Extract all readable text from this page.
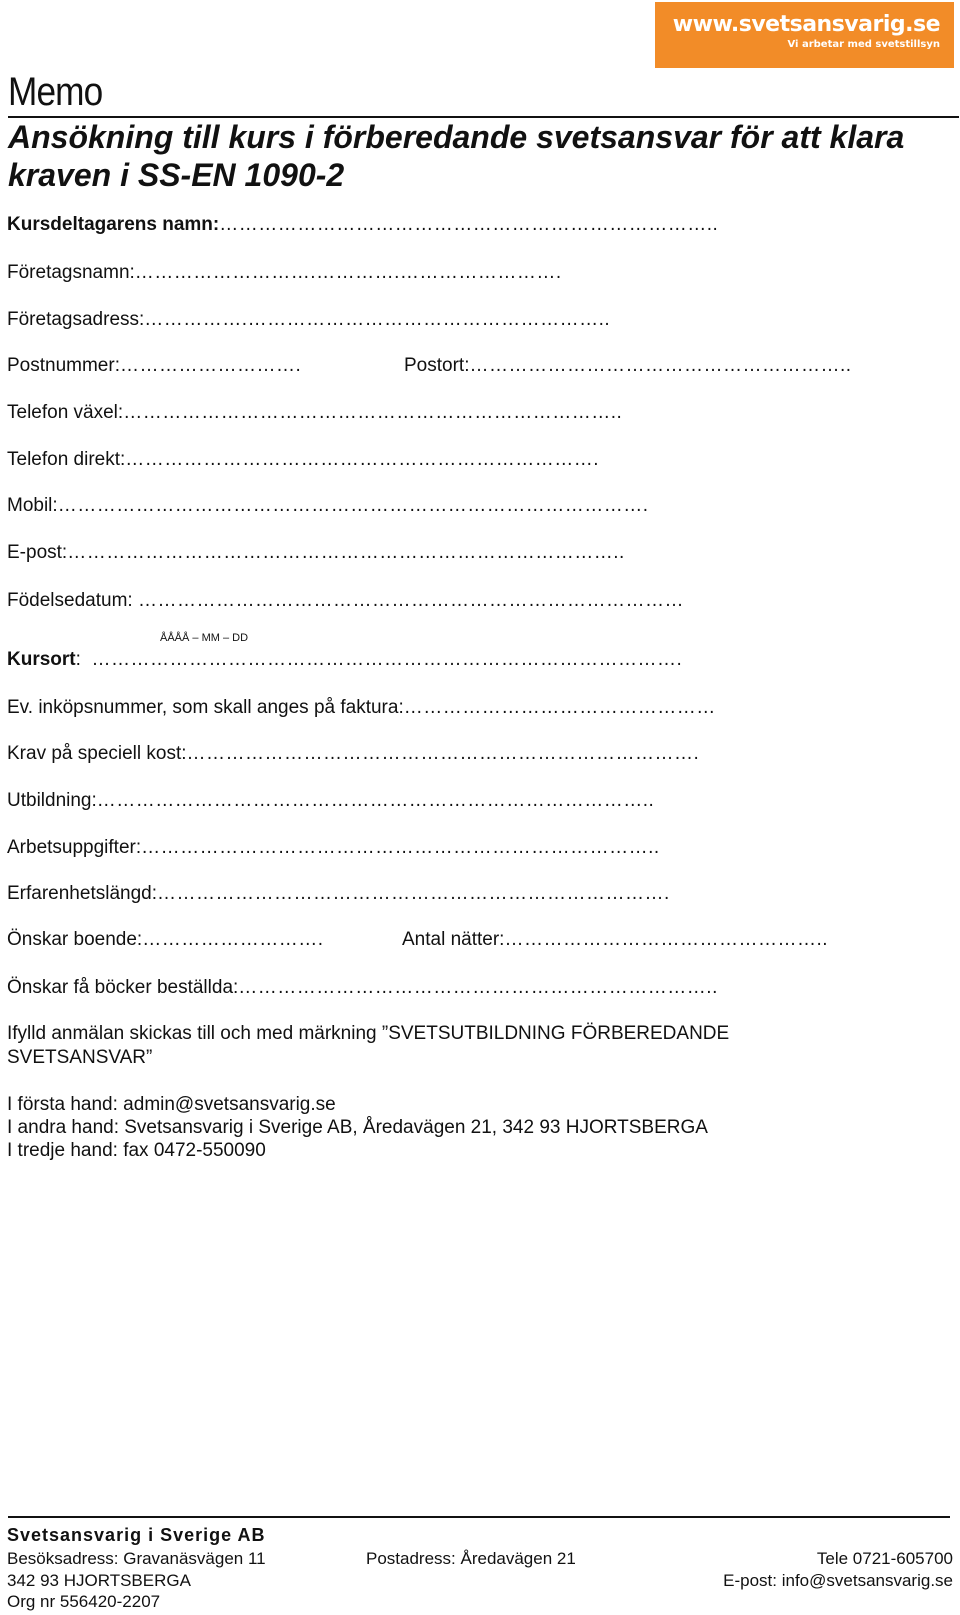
www.svetsansvarig.se
Vi arbetar med svetstillsyn
Memo
Ansökning till kurs i förberedande svetsansvar för att klara kraven i SS-EN 1090-2
Kursdeltagarens namn:…………………………………………………………………..
Företagsnamn:……………………….………….…………………….
Företagsadress:…………….………………………………………………..
Postnummer:……………………….	Postort:…………………………………………………..
Telefon växel:…………………………………………………………………..
Telefon direkt:……………………………………………………………….
Mobil:……………………………………………………………………………….
E-post:…………………………………………………………………………..
Födelsedatum: …………………………………………………………………………
ÅÅÅÅ – MM – DD
Kursort: ……………………………………………………………………………….
Ev. inköpsnummer, som skall anges på faktura:…………………………………………
Krav på speciell kost:…………………………………………………………………….
Utbildning:…………………………………………………………………………..
Arbetsuppgifter:……………………………………………………………………..
Erfarenhetslängd:…………………………………………………………………….
Önskar boende:……………………….	Antal nätter:…………………………………………..
Önskar få böcker beställda:………………………………………………………………..
Ifylld anmälan skickas till och med märkning ”SVETSUTBILDNING FÖRBEREDANDE SVETSANSVAR”
I första hand: admin@svetsansvarig.se
I andra hand: Svetsansvarig i Sverige AB, Åredavägen 21, 342 93 HJORTSBERGA
I tredje hand: fax 0472-550090
Svetsansvarig i Sverige AB
Besöksadress: Gravanäsvägen 11	Postadress: Åredavägen 21	Tele 0721-605700
342 93 HJORTSBERGA	E-post: info@svetsansvarig.se
Org nr 556420-2207
